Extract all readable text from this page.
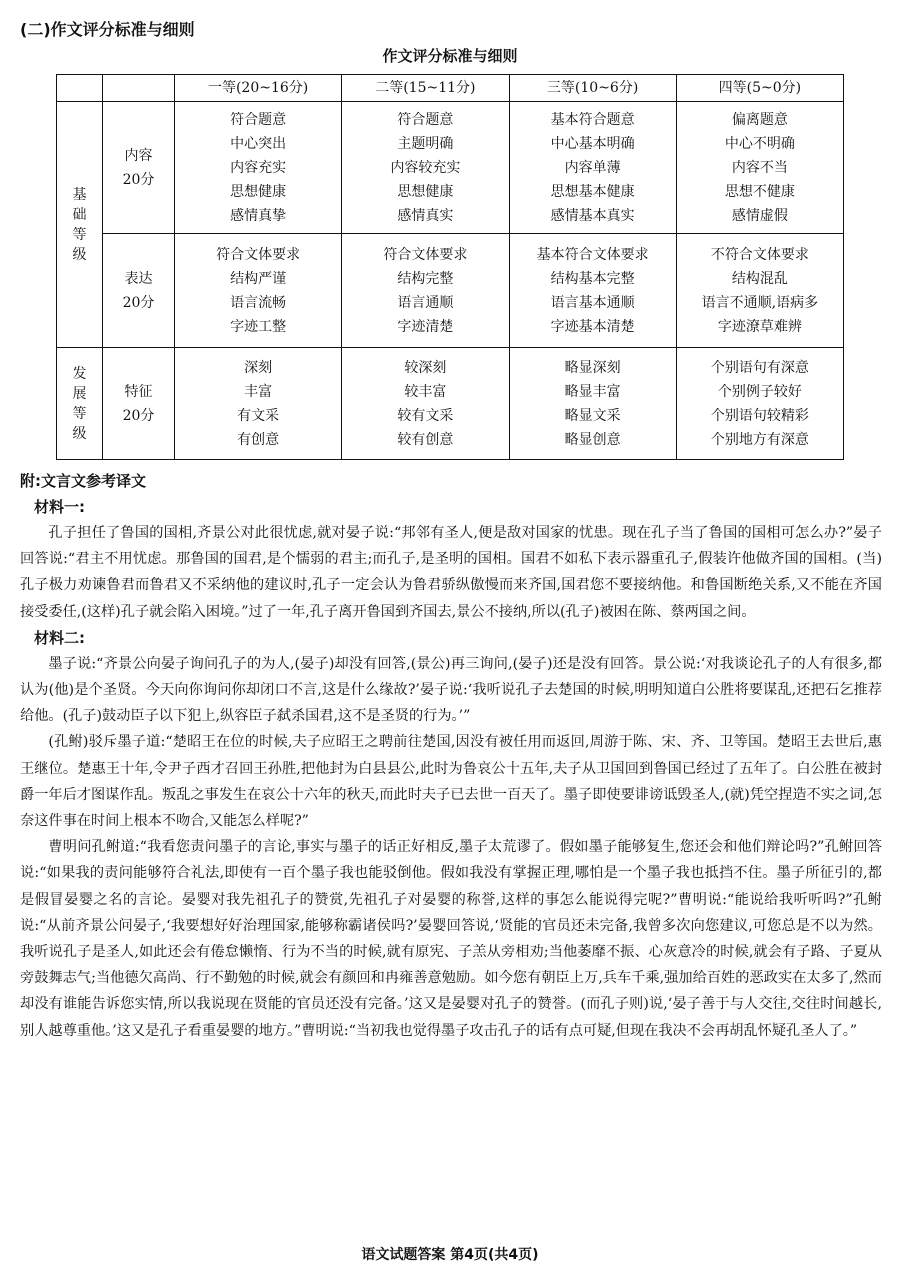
(二)作文评分标准与细则
作文评分标准与细则
		一等(20~16分)	二等(15~11分)	三等(10~6分)	四等(5~0分)

基
础
等
级	内容
20分	符合题意
中心突出
内容充实
思想健康
感情真挚	符合题意
主题明确
内容较充实
思想健康
感情真实	基本符合题意
中心基本明确
内容单薄
思想基本健康
感情基本真实	偏离题意
中心不明确
内容不当
思想不健康
感情虚假

	表达
20分	符合文体要求
结构严谨
语言流畅
字迹工整	符合文体要求
结构完整
语言通顺
字迹清楚	基本符合文体要求
结构基本完整
语言基本通顺
字迹基本清楚	不符合文体要求
结构混乱
语言不通顺,语病多
字迹潦草难辨

发
展
等
级	特征
20分	深刻
丰富
有文采
有创意	较深刻
较丰富
较有文采
较有创意	略显深刻
略显丰富
略显文采
略显创意	个别语句有深意
个别例子较好
个别语句较精彩
个别地方有深意
附:文言文参考译文
材料一:

孔子担任了鲁国的国相,齐景公对此很忧虑,就对晏子说:“邦邻有圣人,便是敌对国家的忧患。现在孔子当了鲁国的国相可怎么办?”晏子回答说:“君主不用忧虑。那鲁国的国君,是个懦弱的君主;而孔子,是圣明的国相。国君不如私下表示器重孔子,假装许他做齐国的国相。(当)孔子极力劝谏鲁君而鲁君又不采纳他的建议时,孔子一定会认为鲁君骄纵傲慢而来齐国,国君您不要接纳他。和鲁国断绝关系,又不能在齐国接受委任,(这样)孔子就会陷入困境。”过了一年,孔子离开鲁国到齐国去,景公不接纳,所以(孔子)被困在陈、蔡两国之间。

材料二:

墨子说:“齐景公向晏子询问孔子的为人,(晏子)却没有回答,(景公)再三询问,(晏子)还是没有回答。景公说:‘对我谈论孔子的人有很多,都认为(他)是个圣贤。今天向你询问你却闭口不言,这是什么缘故?’晏子说:‘我听说孔子去楚国的时候,明明知道白公胜将要谋乱,还把石乞推荐给他。(孔子)鼓动臣子以下犯上,纵容臣子弑杀国君,这不是圣贤的行为。’”

(孔鲋)驳斥墨子道:“楚昭王在位的时候,夫子应昭王之聘前往楚国,因没有被任用而返回,周游于陈、宋、齐、卫等国。楚昭王去世后,惠王继位。楚惠王十年,令尹子西才召回王孙胜,把他封为白县县公,此时为鲁哀公十五年,夫子从卫国回到鲁国已经过了五年了。白公胜在被封爵一年后才图谋作乱。叛乱之事发生在哀公十六年的秋天,而此时夫子已去世一百天了。墨子即使要诽谤诋毁圣人,(就)凭空捏造不实之词,怎奈这件事在时间上根本不吻合,又能怎么样呢?”

曹明问孔鲋道:“我看您责问墨子的言论,事实与墨子的话正好相反,墨子太荒谬了。假如墨子能够复生,您还会和他们辩论吗?”孔鲋回答说:“如果我的责问能够符合礼法,即使有一百个墨子我也能驳倒他。假如我没有掌握正理,哪怕是一个墨子我也抵挡不住。墨子所征引的,都是假冒晏婴之名的言论。晏婴对我先祖孔子的赞赏,先祖孔子对晏婴的称誉,这样的事怎么能说得完呢?”曹明说:“能说给我听听吗?”孔鲋说:“从前齐景公问晏子,‘我要想好好治理国家,能够称霸诸侯吗?’晏婴回答说,‘贤能的官员还未完备,我曾多次向您建议,可您总是不以为然。我听说孔子是圣人,如此还会有倦怠懒惰、行为不当的时候,就有原宪、子羔从旁相劝;当他萎靡不振、心灰意冷的时候,就会有子路、子夏从旁鼓舞志气;当他德欠高尚、行不勤勉的时候,就会有颜回和冉雍善意勉励。如今您有朝臣上万,兵车千乘,强加给百姓的恶政实在太多了,然而却没有谁能告诉您实情,所以我说现在贤能的官员还没有完备。’这又是晏婴对孔子的赞誉。(而孔子则)说,‘晏子善于与人交往,交往时间越长,别人越尊重他。’这又是孔子看重晏婴的地方。”曹明说:“当初我也觉得墨子攻击孔子的话有点可疑,但现在我决不会再胡乱怀疑孔圣人了。”

语文试题答案 第4页(共4页)
